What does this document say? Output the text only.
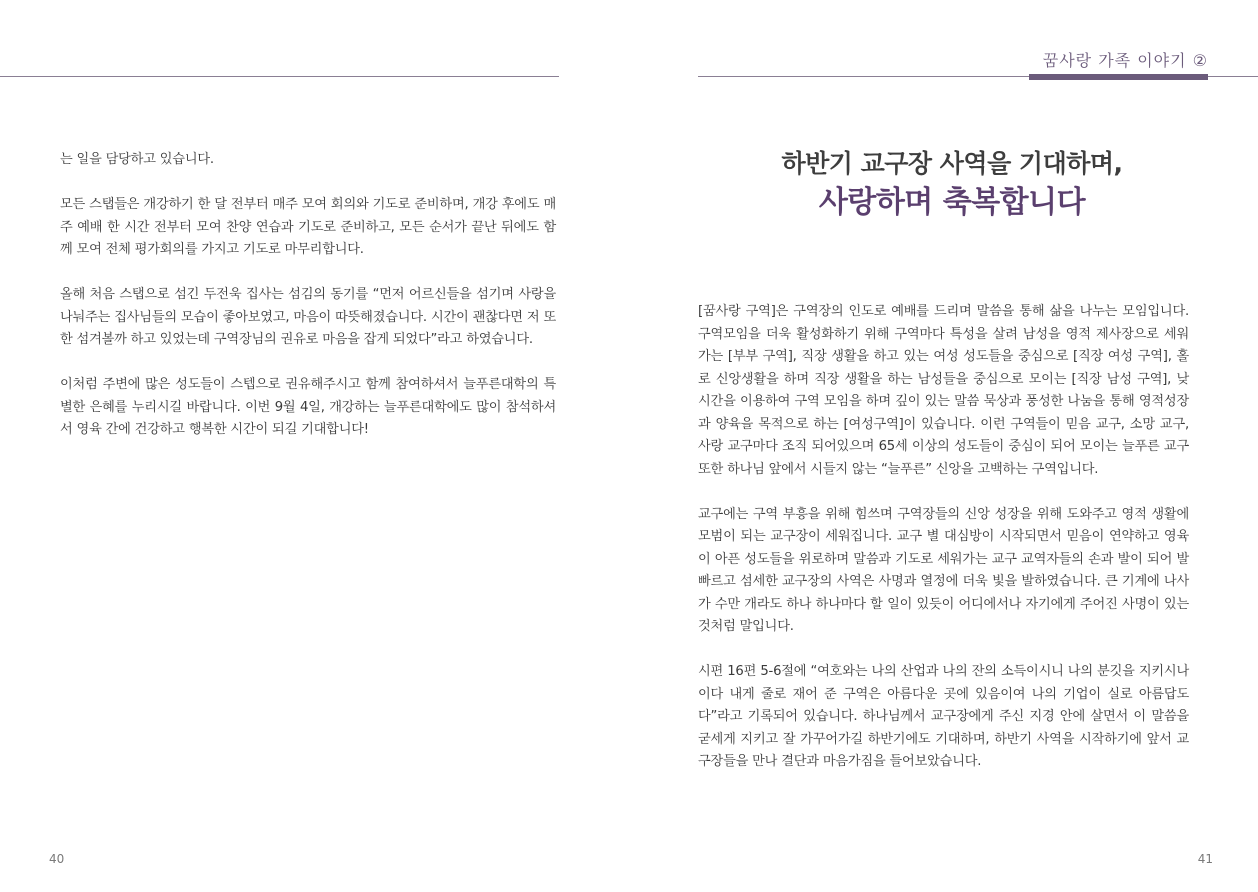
는 일을 담당하고 있습니다.

모든 스탭들은 개강하기 한 달 전부터 매주 모여 회의와 기도로 준비하며, 개강 후에도 매주 예배 한 시간 전부터 모여 찬양 연습과 기도로 준비하고, 모든 순서가 끝난 뒤에도 함께 모여 전체 평가회의를 가지고 기도로 마무리합니다.

올해 처음 스탭으로 섬긴 두전욱 집사는 섬김의 동기를 “먼저 어르신들을 섬기며 사랑을 나눠주는 집사님들의 모습이 좋아보였고, 마음이 따뜻해졌습니다. 시간이 괜찮다면 저 또한 섬겨볼까 하고 있었는데 구역장님의 권유로 마음을 잡게 되었다”라고 하였습니다.

이처럼 주변에 많은 성도들이 스텝으로 권유해주시고 함께 참여하셔서 늘푸른대학의 특별한 은혜를 누리시길 바랍니다. 이번 9월 4일, 개강하는 늘푸른대학에도 많이 참석하셔서 영육 간에 건강하고 행복한 시간이 되길 기대합니다!

40
꿈사랑 가족 이야기 ②
하반기 교구장 사역을 기대하며,
사랑하며 축복합니다

[꿈사랑 구역]은 구역장의 인도로 예배를 드리며 말씀을 통해 삶을 나누는 모임입니다. 구역모임을 더욱 활성화하기 위해 구역마다 특성을 살려 남성을 영적 제사장으로 세워가는 [부부 구역], 직장 생활을 하고 있는 여성 성도들을 중심으로 [직장 여성 구역], 홀로 신앙생활을 하며 직장 생활을 하는 남성들을 중심으로 모이는 [직장 남성 구역], 낮 시간을 이용하여 구역 모임을 하며 깊이 있는 말씀 묵상과 풍성한 나눔을 통해 영적성장과 양육을 목적으로 하는 [여성구역]이 있습니다. 이런 구역들이 믿음 교구, 소망 교구, 사랑 교구마다 조직 되어있으며 65세 이상의 성도들이 중심이 되어 모이는 늘푸른 교구 또한 하나님 앞에서 시들지 않는 “늘푸른” 신앙을 고백하는 구역입니다.

교구에는 구역 부흥을 위해 힘쓰며 구역장들의 신앙 성장을 위해 도와주고 영적 생활에 모범이 되는 교구장이 세워집니다. 교구 별 대심방이 시작되면서 믿음이 연약하고 영육이 아픈 성도들을 위로하며 말씀과 기도로 세워가는 교구 교역자들의 손과 발이 되어 발빠르고 섬세한 교구장의 사역은 사명과 열정에 더욱 빛을 발하였습니다. 큰 기계에 나사가 수만 개라도 하나 하나마다 할 일이 있듯이 어디에서나 자기에게 주어진 사명이 있는 것처럼 말입니다.

시편 16편 5-6절에 “여호와는 나의 산업과 나의 잔의 소득이시니 나의 분깃을 지키시나이다 내게 줄로 재어 준 구역은 아름다운 곳에 있음이여 나의 기업이 실로 아름답도다”라고 기록되어 있습니다. 하나님께서 교구장에게 주신 지경 안에 살면서 이 말씀을 굳세게 지키고 잘 가꾸어가길 하반기에도 기대하며, 하반기 사역을 시작하기에 앞서 교구장들을 만나 결단과 마음가짐을 들어보았습니다.

41
